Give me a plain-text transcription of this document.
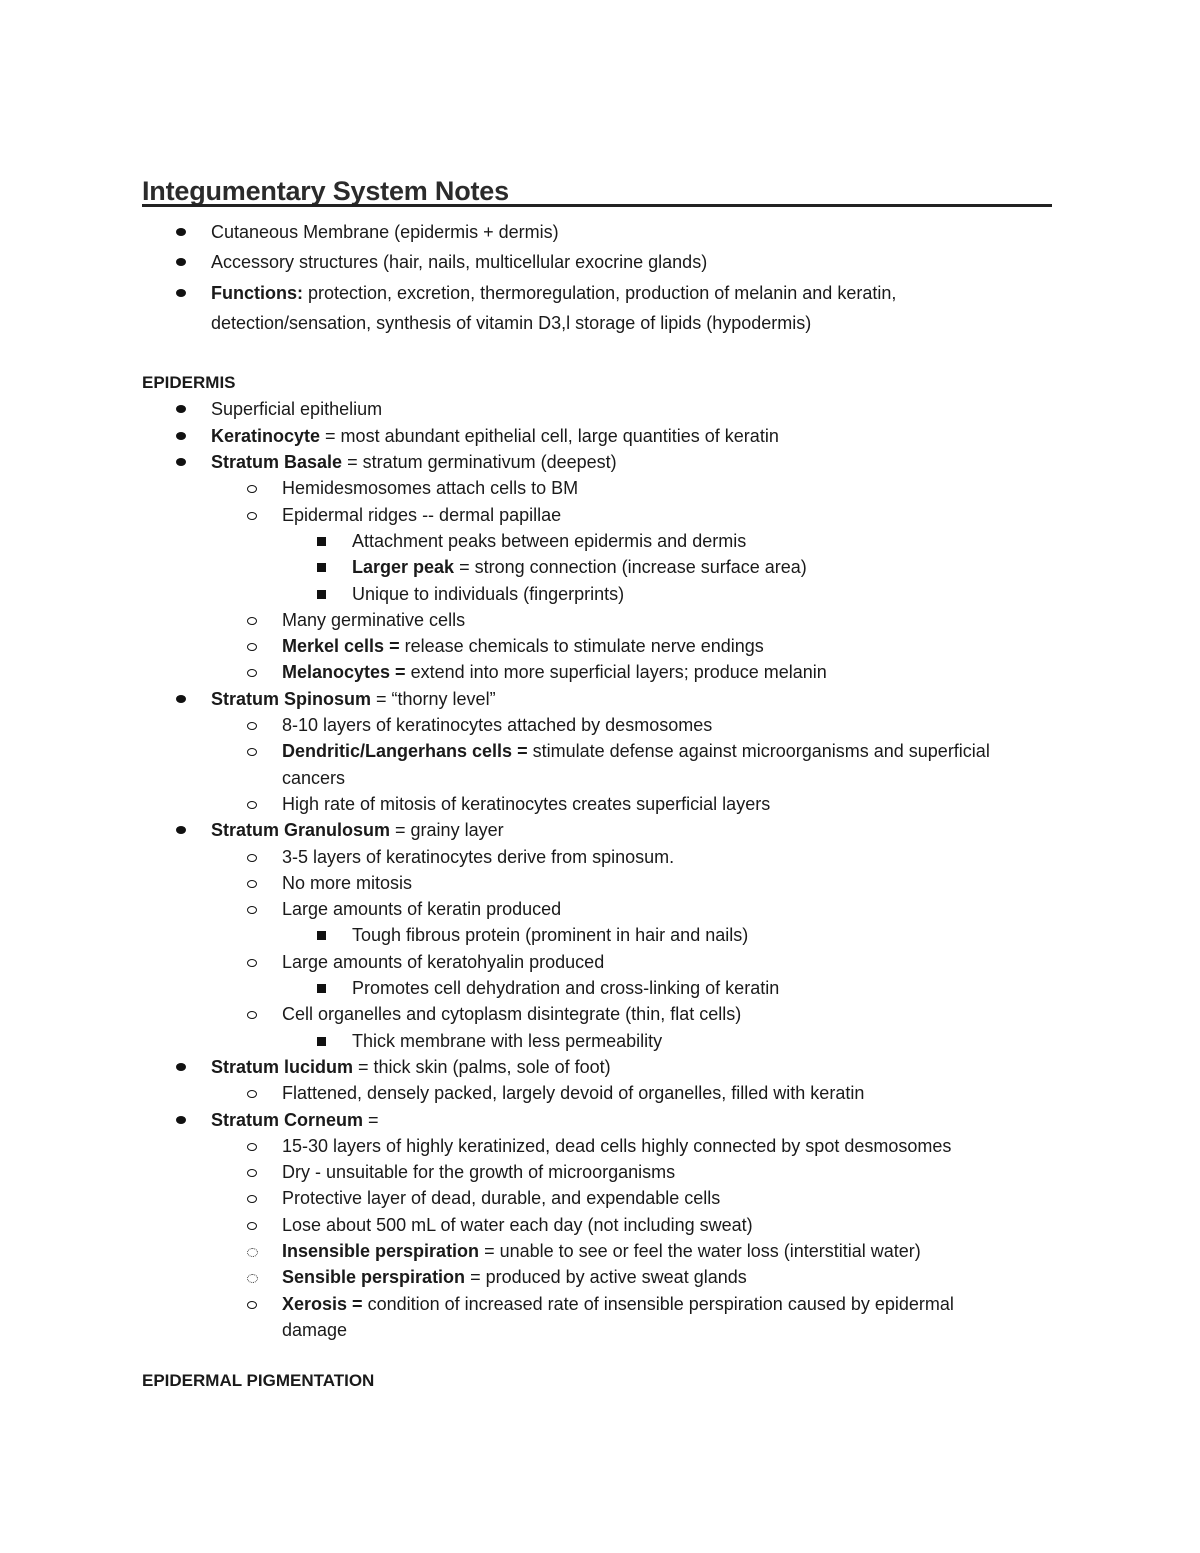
Integumentary System Notes
Cutaneous Membrane (epidermis + dermis)
Accessory structures (hair, nails, multicellular exocrine glands)
Functions: protection, excretion, thermoregulation, production of melanin and keratin,
detection/sensation, synthesis of vitamin D3,l storage of lipids (hypodermis)
EPIDERMIS
Superficial epithelium
Keratinocyte = most abundant epithelial cell, large quantities of keratin
Stratum Basale = stratum germinativum (deepest)
Hemidesmosomes attach cells to BM
Epidermal ridges -- dermal papillae
Attachment peaks between epidermis and dermis
Larger peak = strong connection (increase surface area)
Unique to individuals (fingerprints)
Many germinative cells
Merkel cells = release chemicals to stimulate nerve endings
Melanocytes = extend into more superficial layers; produce melanin
Stratum Spinosum = “thorny level”
8-10 layers of keratinocytes attached by desmosomes
Dendritic/Langerhans cells = stimulate defense against microorganisms and superficial
cancers
High rate of mitosis of keratinocytes creates superficial layers
Stratum Granulosum = grainy layer
3-5 layers of keratinocytes derive from spinosum.
No more mitosis
Large amounts of keratin produced
Tough fibrous protein (prominent in hair and nails)
Large amounts of keratohyalin produced
Promotes cell dehydration and cross-linking of keratin
Cell organelles and cytoplasm disintegrate (thin, flat cells)
Thick membrane with less permeability
Stratum lucidum = thick skin (palms, sole of foot)
Flattened, densely packed, largely devoid of organelles, filled with keratin
Stratum Corneum =
15-30 layers of highly keratinized, dead cells highly connected by spot desmosomes
Dry - unsuitable for the growth of microorganisms
Protective layer of dead, durable, and expendable cells
Lose about 500 mL of water each day (not including sweat)
Insensible perspiration = unable to see or feel the water loss (interstitial water)
Sensible perspiration = produced by active sweat glands
Xerosis = condition of increased rate of insensible perspiration caused by epidermal
damage
EPIDERMAL PIGMENTATION
